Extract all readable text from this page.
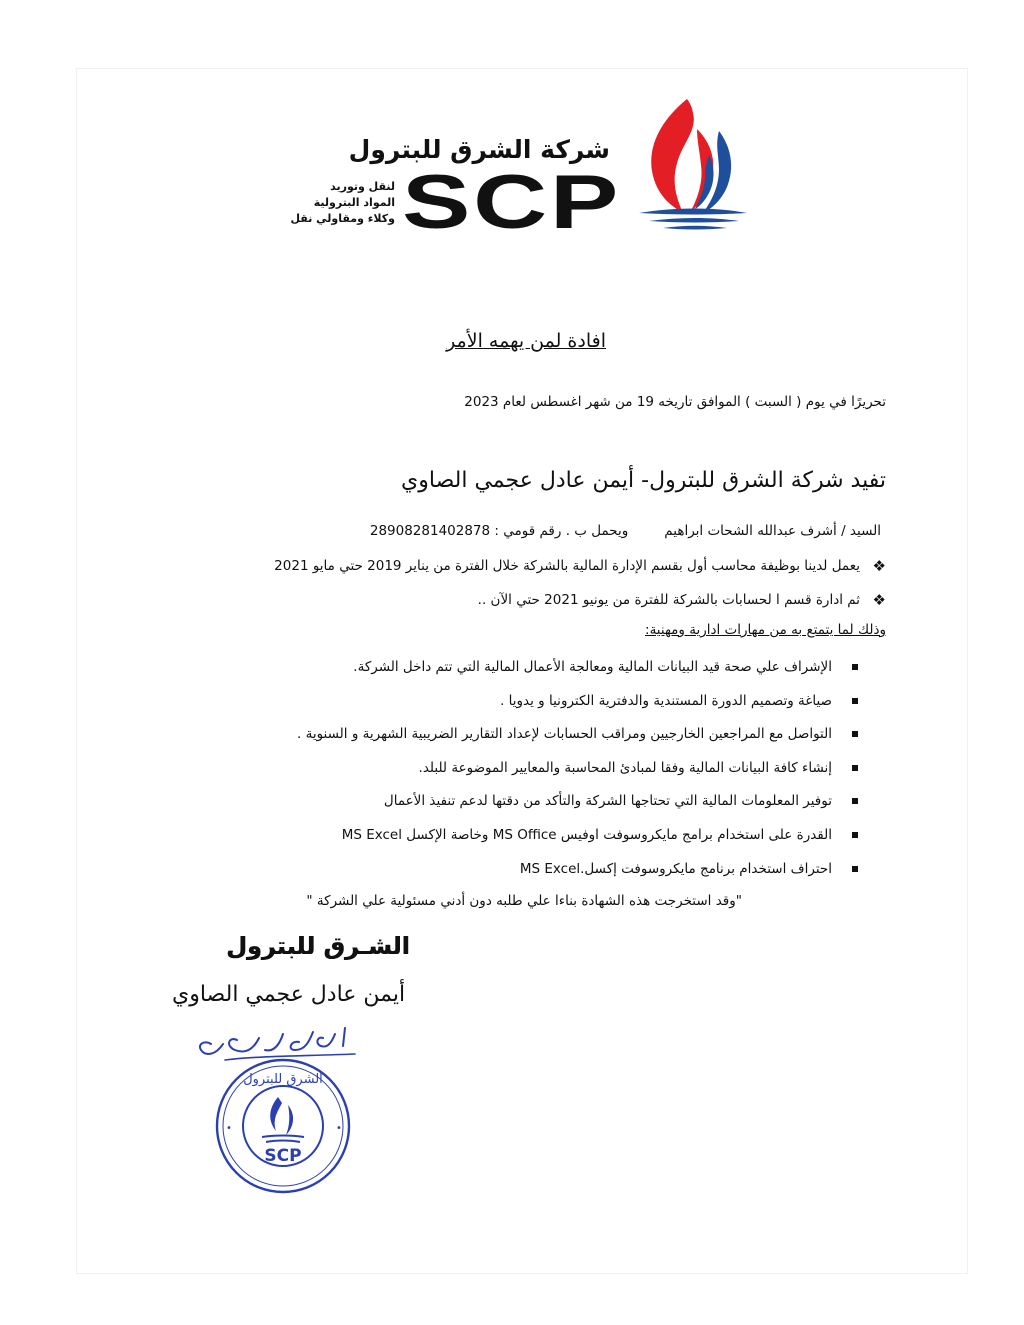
شركة الشرق للبترول
لنقل وتوريد
المواد البترولية
وكلاء ومقاولي نقل SCP
افادة لمن يهمه الأمر
تحريرًا في يوم ( السبت ) الموافق تاريخه 19 من شهر اغسطس لعام 2023
تفيد شركة الشرق للبترول- أيمن عادل عجمي الصاوي
السيد / أشرف عبدالله الشحات ابراهيمويحمل ب . رقم قومي : 28908281402878
❖
يعمل لدينا بوظيفة محاسب أول بقسم الإدارة المالية بالشركة خلال الفترة من يناير 2019 حتي مايو 2021
❖
ثم ادارة قسم ا لحسابات بالشركة للفترة من يونيو 2021 حتي الآن ..
وذلك لما يتمتع به من مهارات ادارية ومهنية:
الإشراف علي صحة قيد البيانات المالية ومعالجة الأعمال المالية التي تتم داخل الشركة.
صياغة وتصميم الدورة المستندية والدفترية الكترونيا و يدويا .
التواصل مع المراجعين الخارجيين ومراقب الحسابات لإعداد التقارير الضريبية الشهرية و السنوية .
إنشاء كافة البيانات المالية وفقا لمبادئ المحاسبة والمعايير الموضوعة للبلد.
توفير المعلومات المالية التي تحتاجها الشركة والتأكد من دقتها لدعم تنفيذ الأعمال
القدرة على استخدام برامج مايكروسوفت اوفيس MS Office وخاصة الإكسل MS Excel
احتراف استخدام برنامج مايكروسوفت إكسل.MS Excel
"وقد استخرجت هذه الشهادة بناءا علي طلبه دون أدني مسئولية علي الشركة "
الشـرق للبترول
أيمن عادل عجمي الصاوي
SCP
الشرق للبترول
•	•
